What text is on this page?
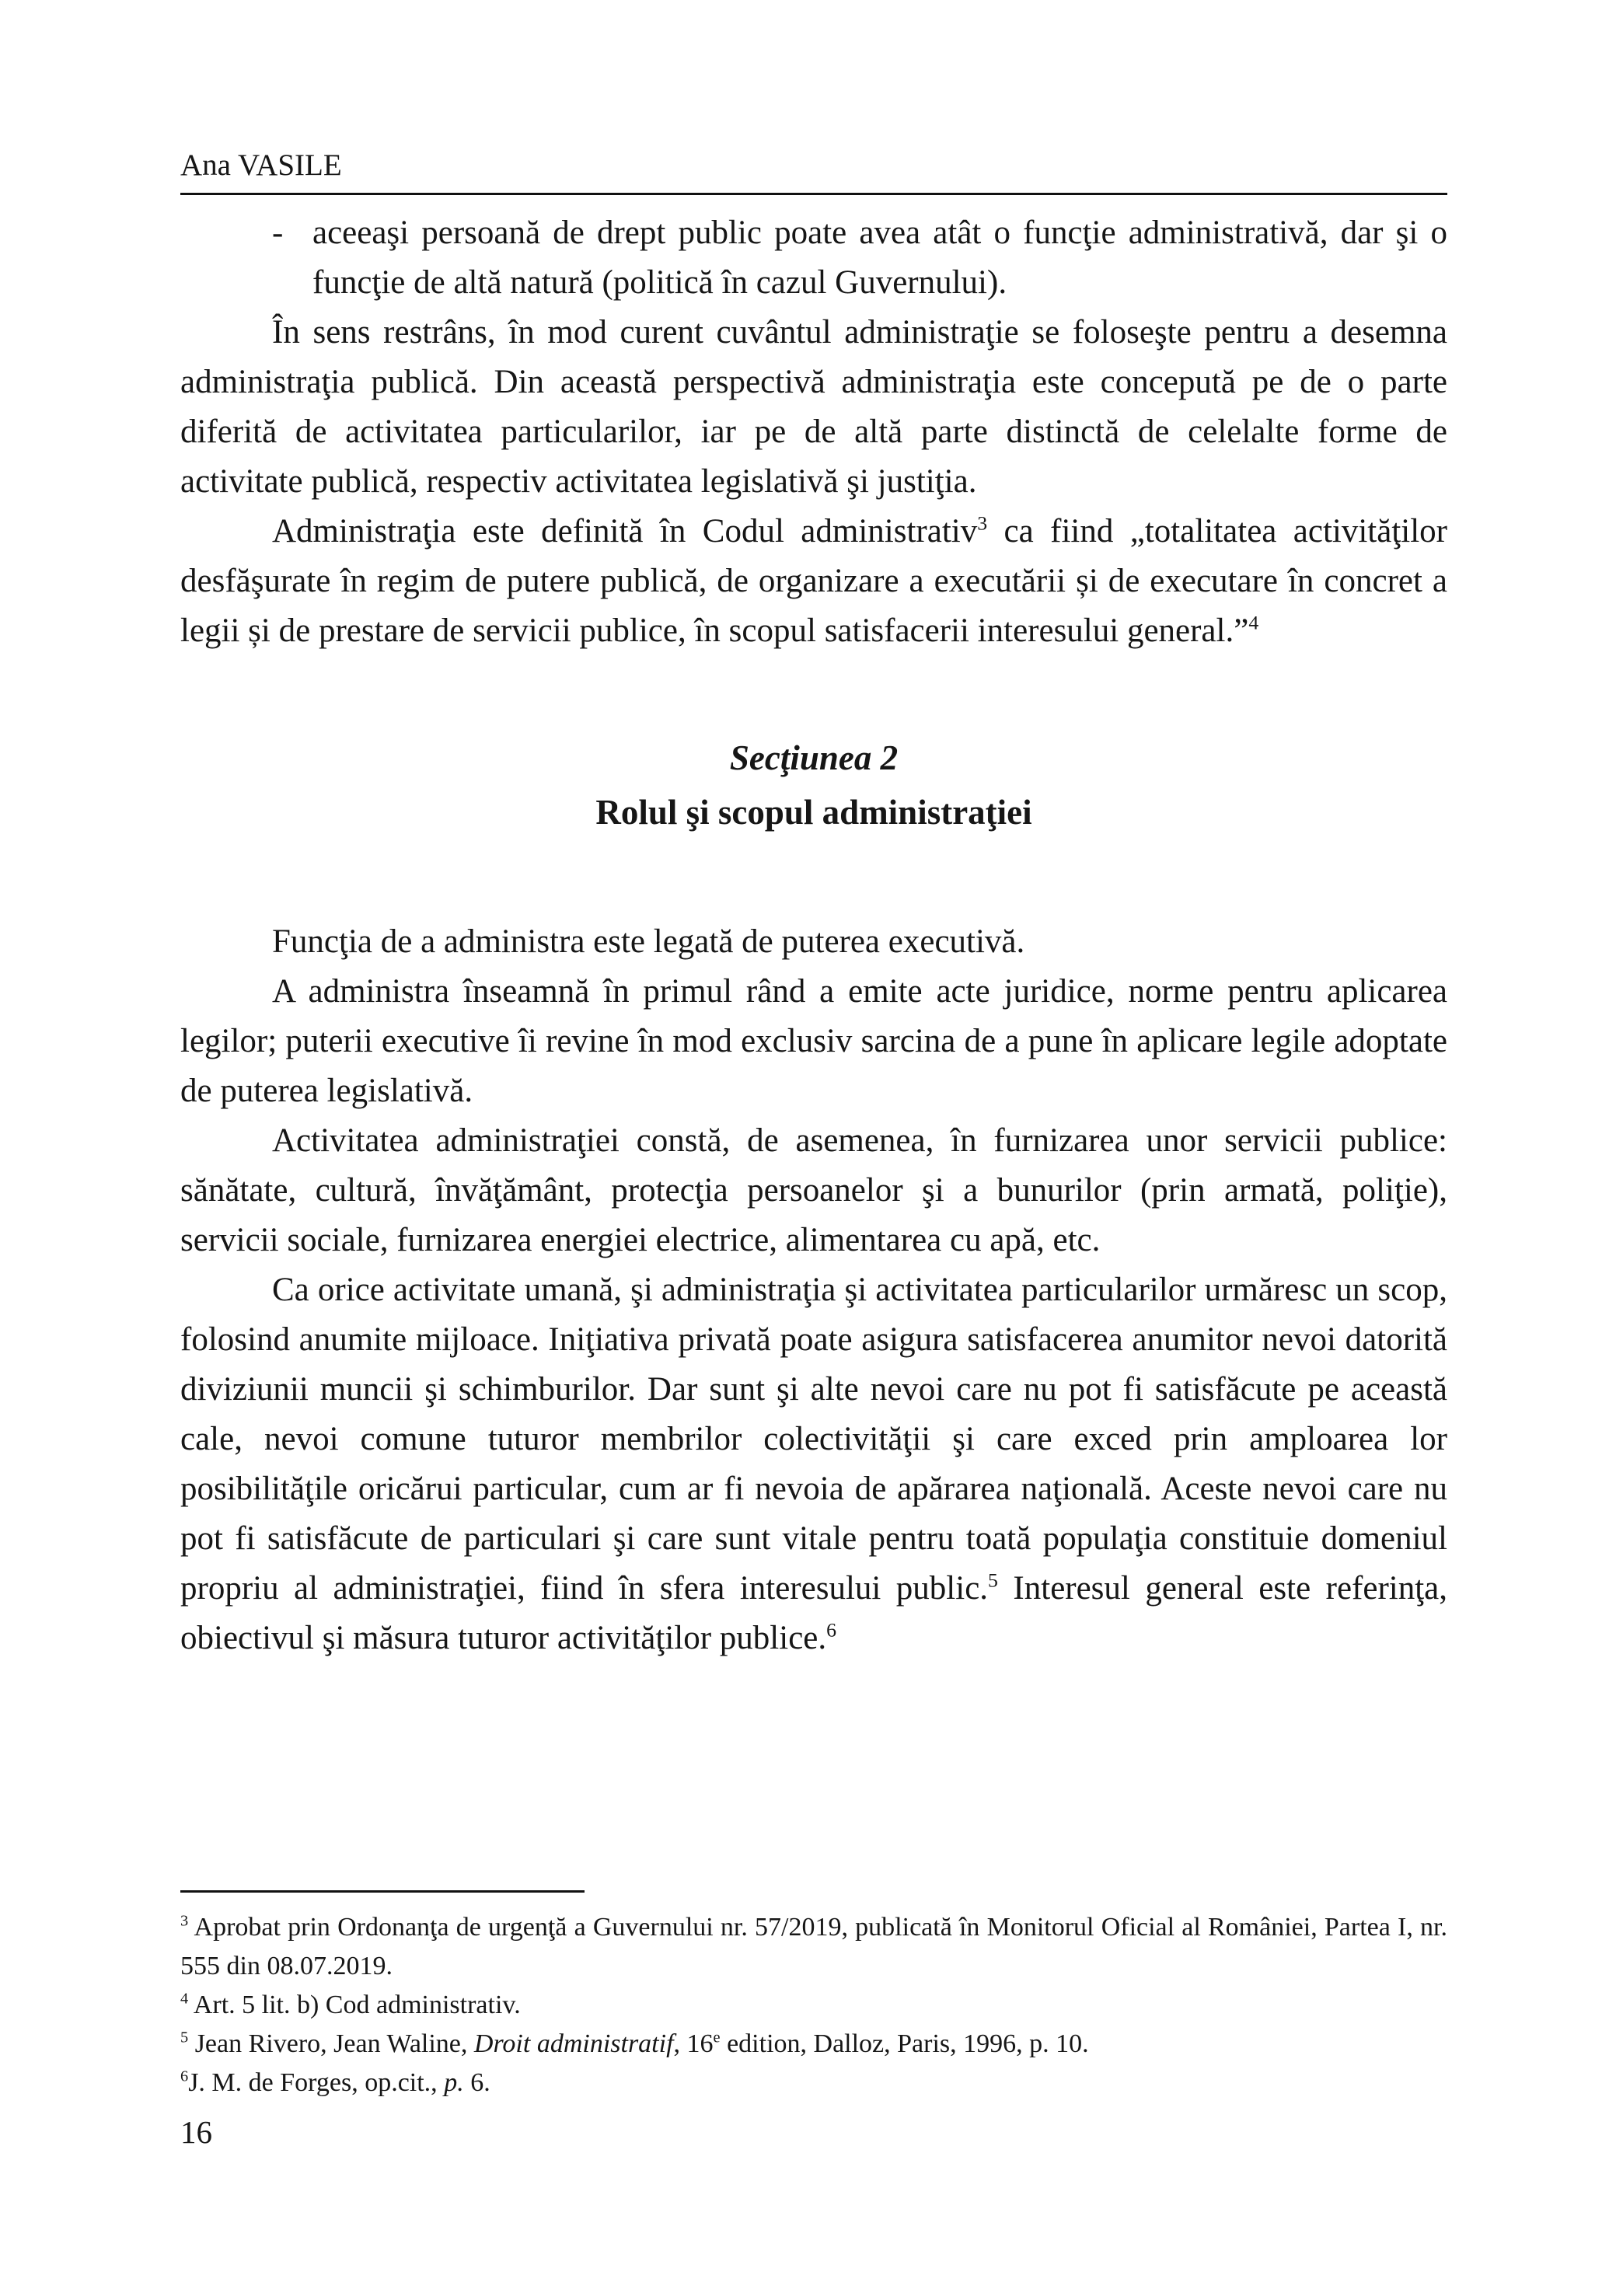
Ana VASILE
- aceeaşi persoană de drept public poate avea atât o funcţie administrativă, dar şi o funcţie de altă natură (politică în cazul Guvernului).

În sens restrâns, în mod curent cuvântul administraţie se foloseşte pentru a desemna administraţia publică. Din această perspectivă administraţia este concepută pe de o parte diferită de activitatea particularilor, iar pe de altă parte distinctă de celelalte forme de activitate publică, respectiv activitatea legislativă şi justiţia.

Administraţia este definită în Codul administrativ$^3$ ca fiind „totalitatea activităţilor desfăşurate în regim de putere publică, de organizare a executării și de executare în concret a legii și de prestare de servicii publice, în scopul satisfacerii interesului general.”$^4$

Secţiunea 2
Rolul şi scopul administraţiei

Funcţia de a administra este legată de puterea executivă.

A administra înseamnă în primul rând a emite acte juridice, norme pentru aplicarea legilor; puterii executive îi revine în mod exclusiv sarcina de a pune în aplicare legile adoptate de puterea legislativă.

Activitatea administraţiei constă, de asemenea, în furnizarea unor servicii publice: sănătate, cultură, învăţământ, protecţia persoanelor şi a bunurilor (prin armată, poliţie), servicii sociale, furnizarea energiei electrice, alimentarea cu apă, etc.

Ca orice activitate umană, şi administraţia şi activitatea particularilor urmăresc un scop, folosind anumite mijloace. Iniţiativa privată poate asigura satisfacerea anumitor nevoi datorită diviziunii muncii şi schimburilor. Dar sunt şi alte nevoi care nu pot fi satisfăcute pe această cale, nevoi comune tuturor membrilor colectivităţii şi care exced prin amploarea lor posibilităţile oricărui particular, cum ar fi nevoia de apărarea naţională. Aceste nevoi care nu pot fi satisfăcute de particulari şi care sunt vitale pentru toată populaţia constituie domeniul propriu al administraţiei, fiind în sfera interesului public.$^5$ Interesul general este referinţa, obiectivul şi măsura tuturor activităţilor publice.$^6$

$^3$ Aprobat prin Ordonanţa de urgenţă a Guvernului nr. 57/2019, publicată în Monitorul Oficial al României, Partea I, nr. 555 din 08.07.2019.

$^4$ Art. 5 lit. b) Cod administrativ.

$^5$ Jean Rivero, Jean Waline, Droit administratif, 16e edition, Dalloz, Paris, 1996, p. 10.

$^6$J. M. de Forges, op.cit., p. 6.

16
